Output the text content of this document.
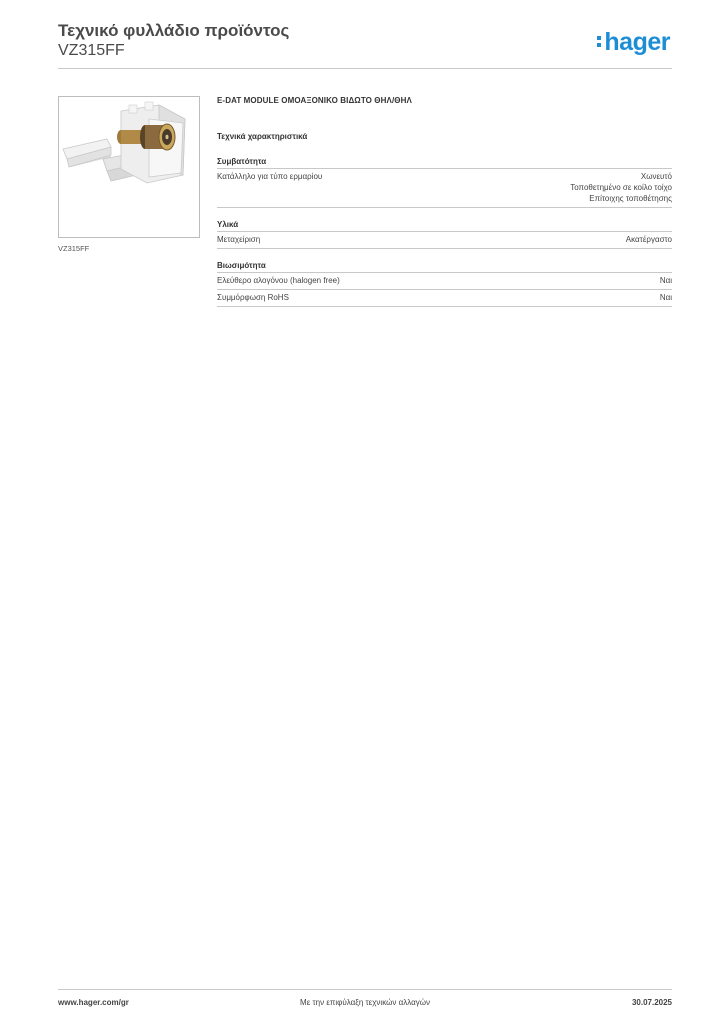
Τεχνικό φυλλάδιο προϊόντος
VZ315FF	hager
VZ315FF
E-DAT MODULE ΟΜΟΑΞΟΝΙΚΟ ΒΙΔΩΤΟ ΘΗΛ/ΘΗΛ
Τεχνικά χαρακτηριστικά
Συμβατότητα
Κατάλληλο για τύπο ερμαρίου	Χωνευτό
Τοποθετημένο σε κοίλο τοίχο
Επίτοιχης τοποθέτησης
Υλικά
Μεταχείριση	Ακατέργαστο
Βιωσιμότητα
Ελεύθερο αλογόνου (halogen free)	Ναι
Συμμόρφωση RoHS	Ναι
www.hager.com/gr	Με την επιφύλαξη τεχνικών αλλαγών	30.07.2025
